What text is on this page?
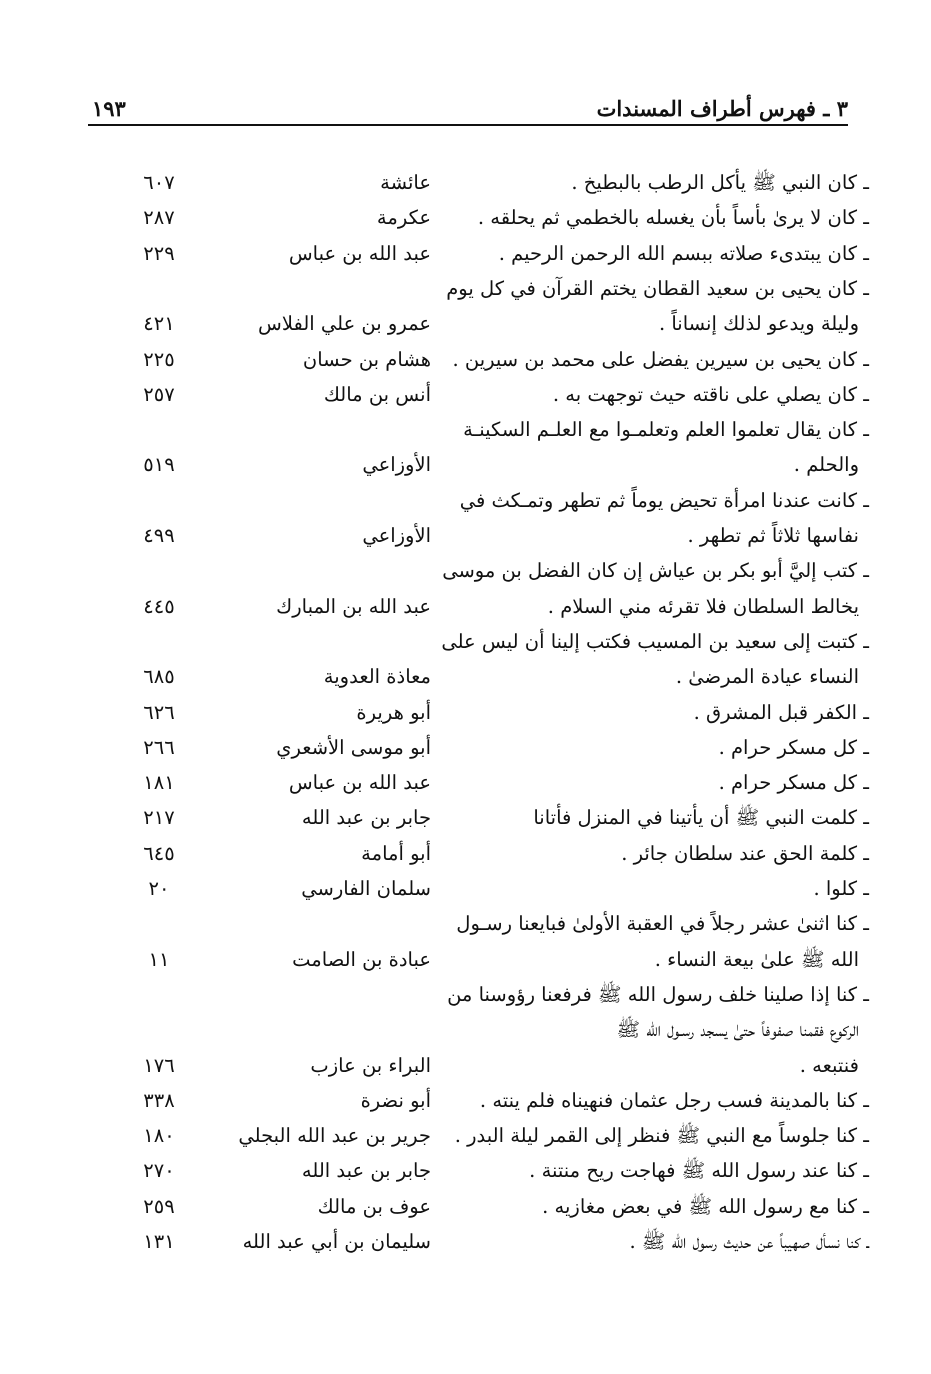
٣ ـ فهرس أطراف المسندات
١٩٣
ـ كان النبي ﷺ يأكل الرطب بالبطيخ .
عائشة
٦٠٧
ـ كان لا يرىٰ بأساً بأن يغسله بالخطمي ثم يحلقه .
عكرمة
٢٨٧
ـ كان يبتدىء صلاته ببسم الله الرحمن الرحيم .
عبد الله بن عباس
٢٢٩
ـ كان يحيى بن سعيد القطان يختم القرآن في كل يوم
وليلة ويدعو لذلك إنساناً .
عمرو بن علي الفلاس
٤٢١
ـ كان يحيى بن سيرين يفضل على محمد بن سيرين .
هشام بن حسان
٢٢٥
ـ كان يصلي على ناقته حيث توجهت به .
أنس بن مالك
٢٥٧
ـ كان يقال تعلموا العلم وتعلمـوا مع العلـم السكينـة
والحلم .
الأوزاعي
٥١٩
ـ كانت عندنا امرأة تحيض يوماً ثم تطهر وتمـكث في
نفاسها ثلاثاً ثم تطهر .
الأوزاعي
٤٩٩
ـ كتب إليَّ أبو بكر بن عياش إن كان الفضل بن موسى
يخالط السلطان فلا تقرئه مني السلام .
عبد الله بن المبارك
٤٤٥
ـ كتبت إلى سعيد بن المسيب فكتب إلينا أن ليس على
النساء عيادة المرضىٰ .
معاذة العدوية
٦٨٥
ـ الكفر قبل المشرق .
أبو هريرة
٦٢٦
ـ كل مسكر حرام .
أبو موسى الأشعري
٢٦٦
ـ كل مسكر حرام .
عبد الله بن عباس
١٨١
ـ كلمت النبي ﷺ أن يأتينا في المنزل فأتانا
جابر بن عبد الله
٢١٧
ـ كلمة الحق عند سلطان جائر .
أبو أمامة
٦٤٥
ـ كلوا .
سلمان الفارسي
٢٠
ـ كنا اثنىٰ عشر رجلاً في العقبة الأولىٰ فبايعنا رسـول
الله ﷺ علىٰ بيعة النساء .
عبادة بن الصامت
١١
ـ كنا إذا صلينا خلف رسول الله ﷺ فرفعنا رؤوسنا من
الركوع فقمنا صفوفاً حتىٰ يسجد رسـول الله ﷺ
فنتبعه .
البراء بن عازب
١٧٦
ـ كنا بالمدينة فسب رجل عثمان فنهيناه فلم ينته .
أبو نضرة
٣٣٨
ـ كنا جلوساً مع النبي ﷺ فنظر إلى القمر ليلة البدر .
جرير بن عبد الله البجلي
١٨٠
ـ كنا عند رسول الله ﷺ فهاجت ريح منتنة .
جابر بن عبد الله
٢٧٠
ـ كنا مع رسول الله ﷺ في بعض مغازيه .
عوف بن مالك
٢٥٩
ـ كنا نسأل صهيباً عن حديث رسول الله ﷺ .
سليمان بن أبي عبد الله
١٣١
